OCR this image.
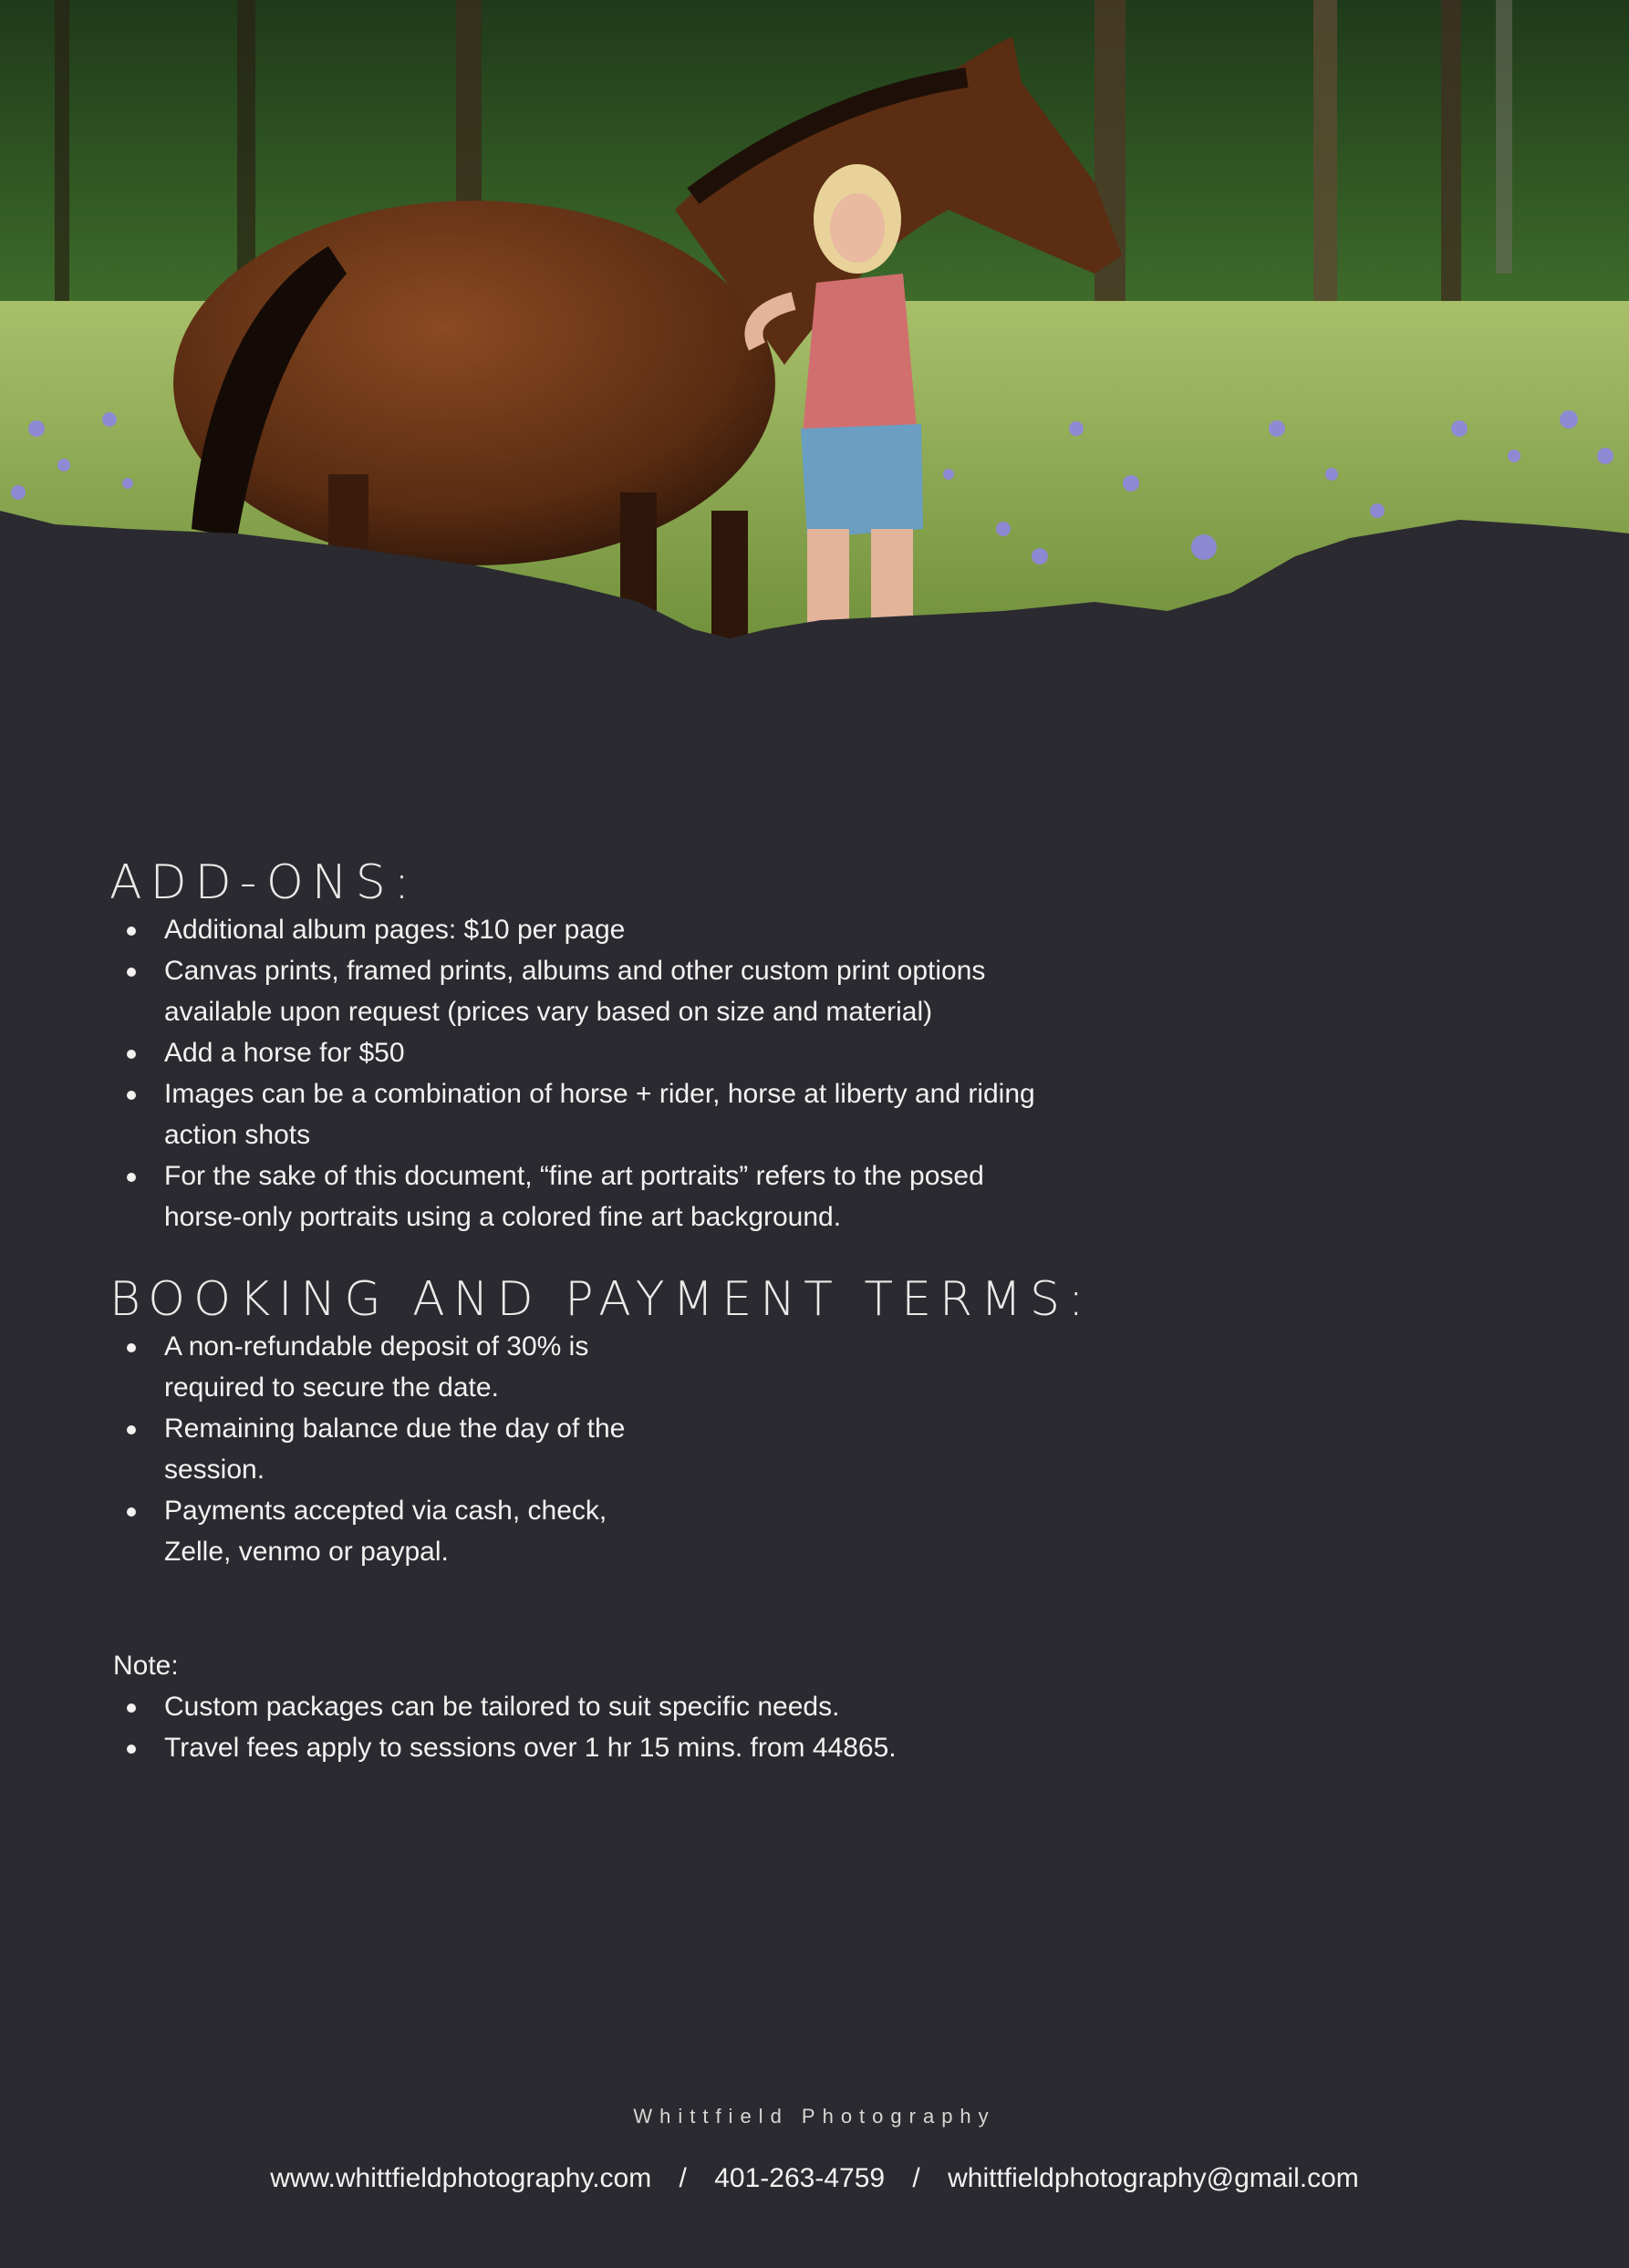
ADD-ONS:
Additional album pages: $10 per page
Canvas prints, framed prints, albums and other custom print options available upon request (prices vary based on size and material)
Add a horse for $50
Images can be a combination of horse + rider, horse at liberty and riding action shots
For the sake of this document, “fine art portraits” refers to the posed horse-only portraits using a colored fine art background.
BOOKING AND PAYMENT TERMS:
A non-refundable deposit of 30% is required to secure the date.
Remaining balance due the day of the session.
Payments accepted via cash, check, Zelle, venmo or paypal.
Note:
Custom packages can be tailored to suit specific needs.
Travel fees apply to sessions over 1 hr 15 mins. from 44865.
Whittfield Photography
www.whittfieldphotography.com / 401-263-4759 / whittfieldphotography@gmail.com
